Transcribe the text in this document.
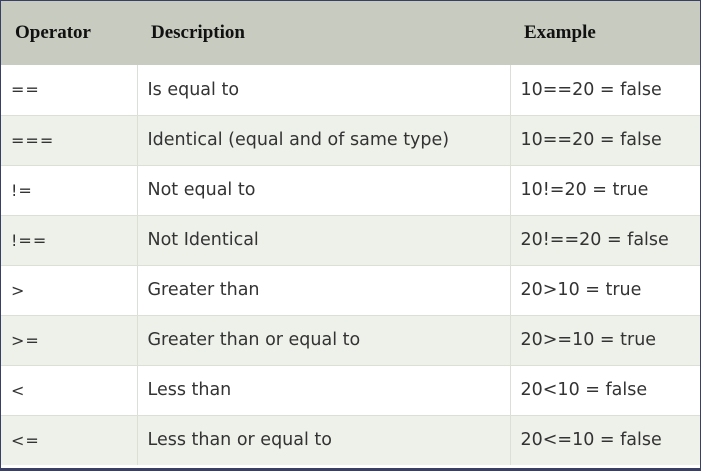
Operator	Description	Example
==	Is equal to	10==20 = false
===	Identical (equal and of same type)	10==20 = false
!=	Not equal to	10!=20 = true
!==	Not Identical	20!==20 = false
>	Greater than	20>10 = true
>=	Greater than or equal to	20>=10 = true
<	Less than	20<10 = false
<=	Less than or equal to	20<=10 = false
